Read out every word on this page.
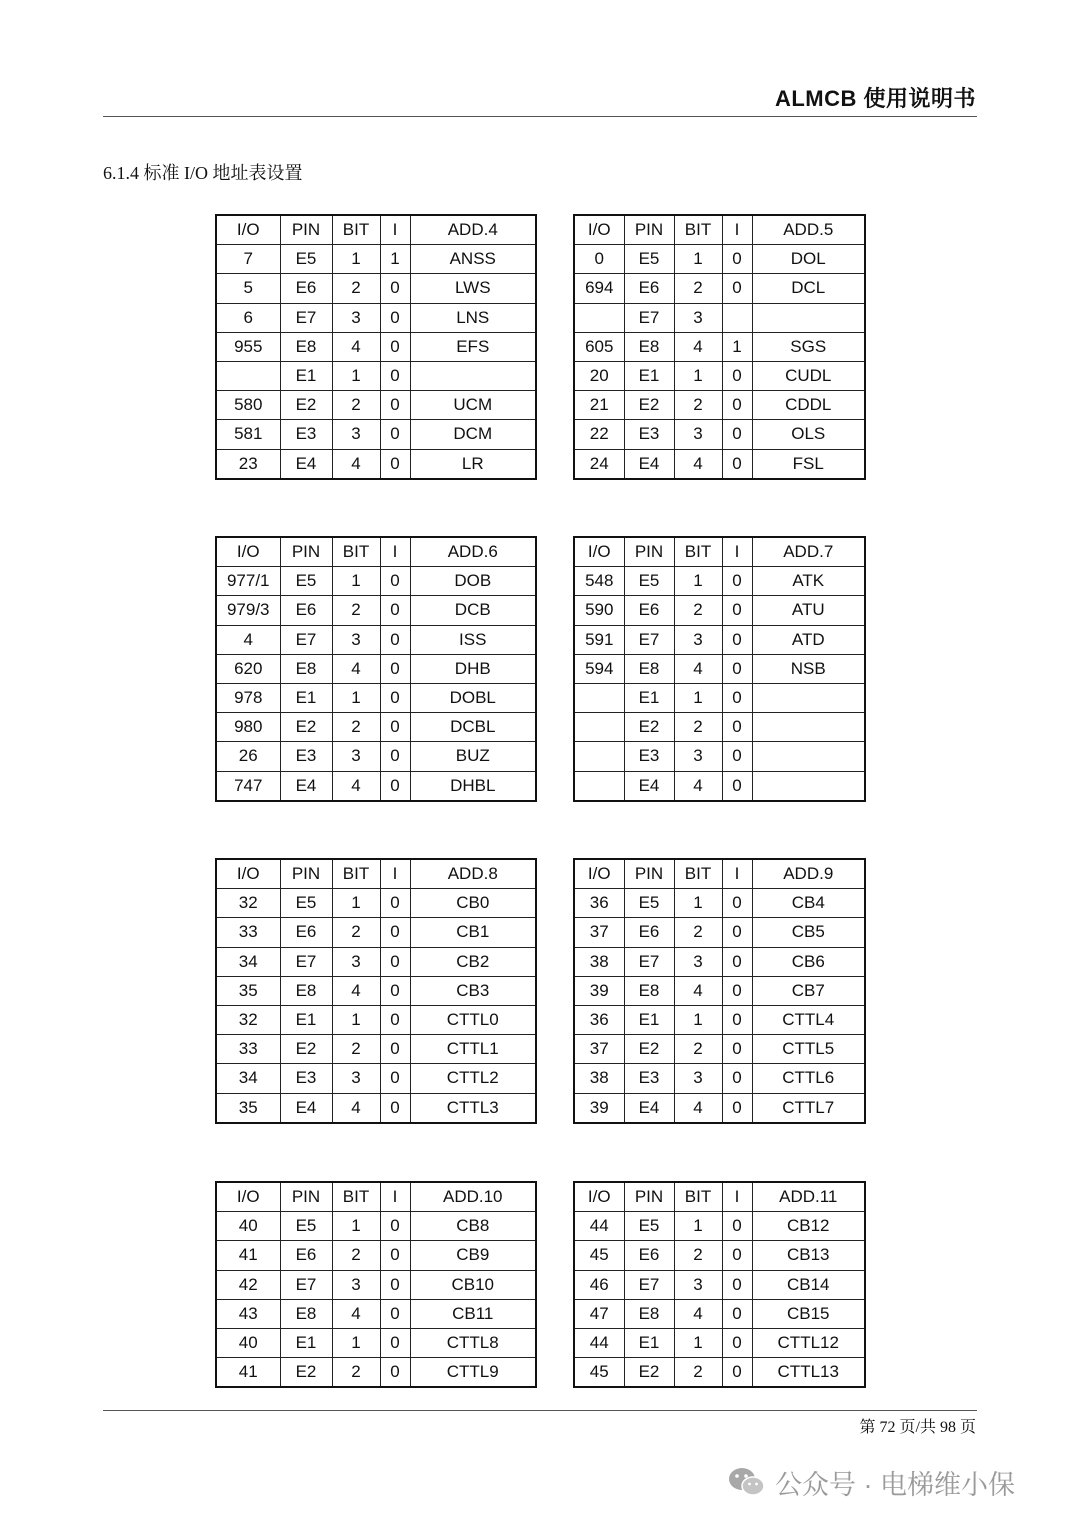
ALMCB 使用说明书
6.1.4 标准 I/O 地址表设置
I/O	PIN	BIT	I	ADD.4
7	E5	1	1	ANSS
5	E6	2	0	LWS
6	E7	3	0	LNS
955	E8	4	0	EFS
	E1	1	0	
580	E2	2	0	UCM
581	E3	3	0	DCM
23	E4	4	0	LR
I/O	PIN	BIT	I	ADD.5
0	E5	1	0	DOL
694	E6	2	0	DCL
	E7	3		
605	E8	4	1	SGS
20	E1	1	0	CUDL
21	E2	2	0	CDDL
22	E3	3	0	OLS
24	E4	4	0	FSL
I/O	PIN	BIT	I	ADD.6
977/1	E5	1	0	DOB
979/3	E6	2	0	DCB
4	E7	3	0	ISS
620	E8	4	0	DHB
978	E1	1	0	DOBL
980	E2	2	0	DCBL
26	E3	3	0	BUZ
747	E4	4	0	DHBL
I/O	PIN	BIT	I	ADD.7
548	E5	1	0	ATK
590	E6	2	0	ATU
591	E7	3	0	ATD
594	E8	4	0	NSB
	E1	1	0	
	E2	2	0	
	E3	3	0	
	E4	4	0	
I/O	PIN	BIT	I	ADD.8
32	E5	1	0	CB0
33	E6	2	0	CB1
34	E7	3	0	CB2
35	E8	4	0	CB3
32	E1	1	0	CTTL0
33	E2	2	0	CTTL1
34	E3	3	0	CTTL2
35	E4	4	0	CTTL3
I/O	PIN	BIT	I	ADD.9
36	E5	1	0	CB4
37	E6	2	0	CB5
38	E7	3	0	CB6
39	E8	4	0	CB7
36	E1	1	0	CTTL4
37	E2	2	0	CTTL5
38	E3	3	0	CTTL6
39	E4	4	0	CTTL7
I/O	PIN	BIT	I	ADD.10
40	E5	1	0	CB8
41	E6	2	0	CB9
42	E7	3	0	CB10
43	E8	4	0	CB11
40	E1	1	0	CTTL8
41	E2	2	0	CTTL9
I/O	PIN	BIT	I	ADD.11
44	E5	1	0	CB12
45	E6	2	0	CB13
46	E7	3	0	CB14
47	E8	4	0	CB15
44	E1	1	0	CTTL12
45	E2	2	0	CTTL13
第 72 页/共 98 页
公众号 · 电梯维小保
